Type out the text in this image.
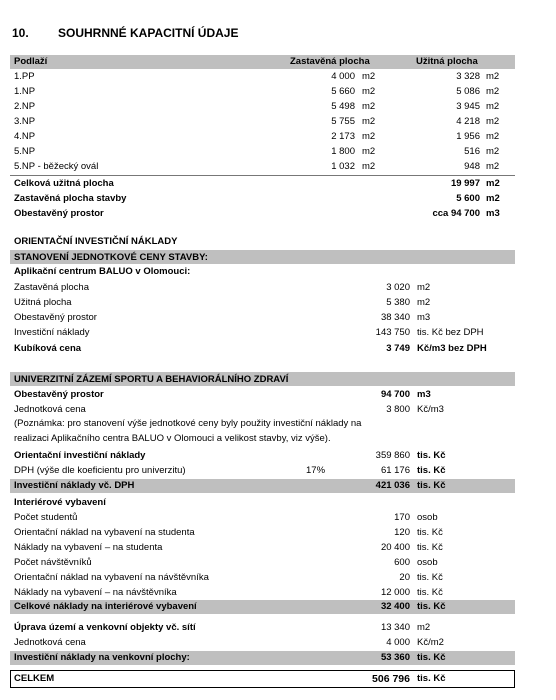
10. SOUHRNNÉ KAPACITNÍ ÚDAJE
Podlaží	Zastavěná plocha	Užitná plocha
1.PP	4 000 m2	3 328 m2
1.NP	5 660 m2	5 086 m2
2.NP	5 498 m2	3 945 m2
3.NP	5 755 m2	4 218 m2
4.NP	2 173 m2	1 956 m2
5.NP	1 800 m2	516 m2
5.NP - běžecký ovál	1 032 m2	948 m2
Celková užitná plocha	19 997 m2
Zastavěná plocha stavby	5 600 m2
Obestavěný prostor	cca 94 700 m3
ORIENTAČNÍ INVESTIČNÍ NÁKLADY
STANOVENÍ JEDNOTKOVÉ CENY STAVBY:
Aplikační centrum BALUO v Olomouci:
Zastavěná plocha	3 020 m2
Užitná plocha	5 380 m2
Obestavěný prostor	38 340 m3
Investiční náklady	143 750 tis. Kč bez DPH
Kubíková cena	3 749 Kč/m3 bez DPH
UNIVERZITNÍ ZÁZEMÍ SPORTU A BEHAVIORÁLNÍHO ZDRAVÍ
Obestavěný prostor	94 700 m3
Jednotková cena	3 800 Kč/m3
(Poznámka: pro stanovení výše jednotkové ceny byly použity investiční náklady na
realizaci Aplikačního centra BALUO v Olomouci a velikost stavby, viz výše).
Orientační investiční náklady	359 860 tis. Kč
DPH (výše dle koeficientu pro univerzitu)	17%	61 176 tis. Kč
Investiční náklady vč. DPH	421 036 tis. Kč
Interiérové vybavení
Počet studentů	170 osob
Orientační náklad na vybavení na studenta	120 tis. Kč
Náklady na vybavení – na studenta	20 400 tis. Kč
Počet návštěvníků	600 osob
Orientační náklad na vybavení na návštěvníka	20 tis. Kč
Náklady na vybavení – na návštěvníka	12 000 tis. Kč
Celkové náklady na interiérové vybavení	32 400 tis. Kč
Úprava území a venkovní objekty vč. sítí	13 340 m2
Jednotková cena	4 000 Kč/m2
Investiční náklady na venkovní plochy:	53 360 tis. Kč
CELKEM	506 796 tis. Kč
